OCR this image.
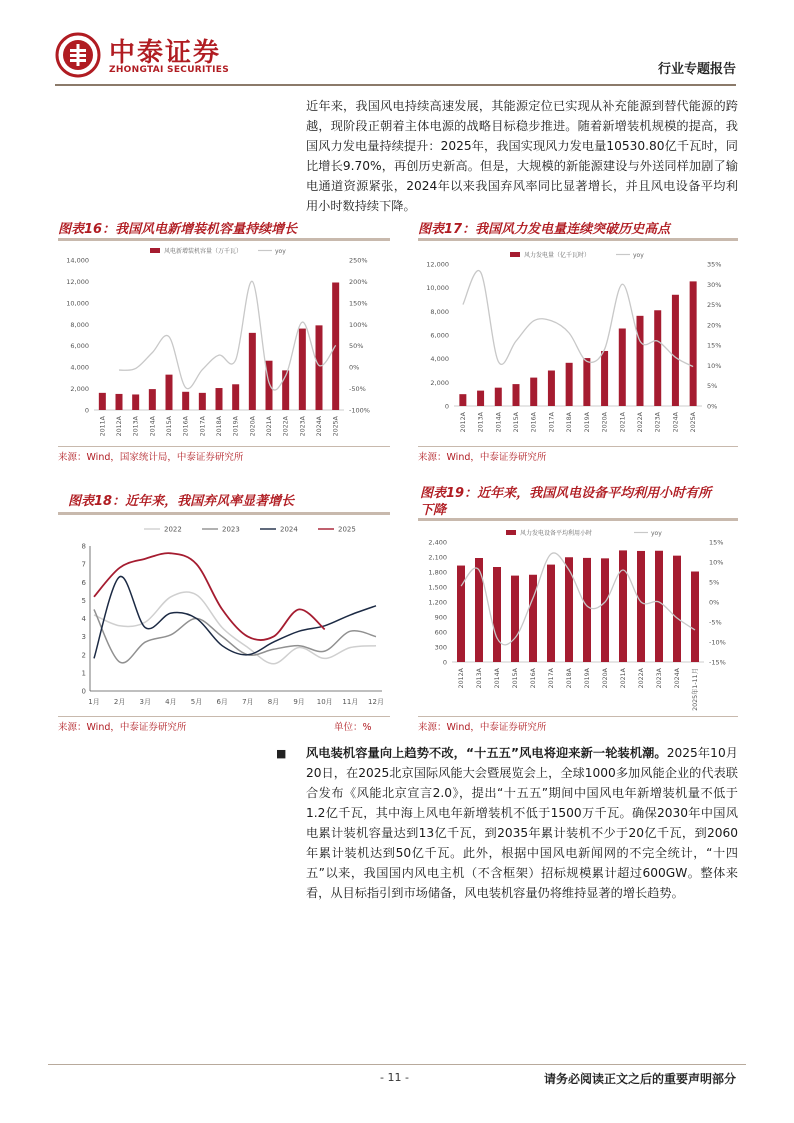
中泰证券
ZHONGTAI SECURITIES	行业专题报告
近年来，我国风电持续高速发展，其能源定位已实现从补充能源到替代能源的跨越，现阶段正朝着主体电源的战略目标稳步推进。随着新增装机规模的提高，我国风力发电量持续提升：2025年，我国实现风力发电量10530.80亿千瓦时，同比增长9.70%，再创历史新高。但是，大规模的新能源建设与外送同样加剧了输电通道资源紧张，2024年以来我国弃风率同比显著增长，并且风电设备平均利用小时数持续下降。
图表16：我国风电新增装机容量持续增长
风电新增装机容量（万千瓦）	yoy
0
2,000
4,000
6,000
8,000
10,000
12,000
14,000
-100%
-50%
0%
50%
100%
150%
200%
250%
2011A 2012A 2013A 2014A 2015A 2016A 2017A 2018A 2019A 2020A 2021A 2022A 2023A 2024A 2025A
来源：Wind，国家统计局，中泰证券研究所
图表17：我国风力发电量连续突破历史高点
风力发电量（亿千瓦时）	yoy
0
2,000
4,000
6,000
8,000
10,000
12,000
0%
5%
10%
15%
20%
25%
30%
35%
2012A 2013A 2014A 2015A 2016A 2017A 2018A 2019A 2020A 2021A 2022A 2023A 2024A 2025A
来源：Wind，中泰证券研究所
图表18：近年来，我国弃风率显著增长
2022	2023	2024	2025
0
1
2
3
4
5
6
7
8
1月 2月 3月 4月 5月 6月 7月 8月 9月 10月 11月 12月
来源：Wind，中泰证券研究所	单位：%
图表19：近年来，我国风电设备平均利用小时有所
下降
风力发电设备平均利用小时	yoy
0
300
600
900
1,200
1,500
1,800
2,100
2,400
-15%
-10%
-5%
0%
5%
10%
15%
2012A 2013A 2014A 2015A 2016A 2017A 2018A 2019A 2020A 2021A 2022A 2023A 2024A	2025年1-11月
来源：Wind，中泰证券研究所
■ 风电装机容量向上趋势不改，“十五五”风电将迎来新一轮装机潮。2025年10月20日，在2025北京国际风能大会暨展览会上，全球1000多加风能企业的代表联合发布《风能北京宣言2.0》，提出“十五五”期间中国风电年新增装机量不低于1.2亿千瓦，其中海上风电年新增装机不低于1500万千瓦。确保2030年中国风电累计装机容量达到13亿千瓦，到2035年累计装机不少于20亿千瓦，到2060年累计装机达到50亿千瓦。此外，根据中国风电新闻网的不完全统计，“十四五”以来，我国国内风电主机（不含框架）招标规模累计超过600GW。整体来看，从目标指引到市场储备，风电装机容量仍将维持显著的增长趋势。
- 11 -	请务必阅读正文之后的重要声明部分
